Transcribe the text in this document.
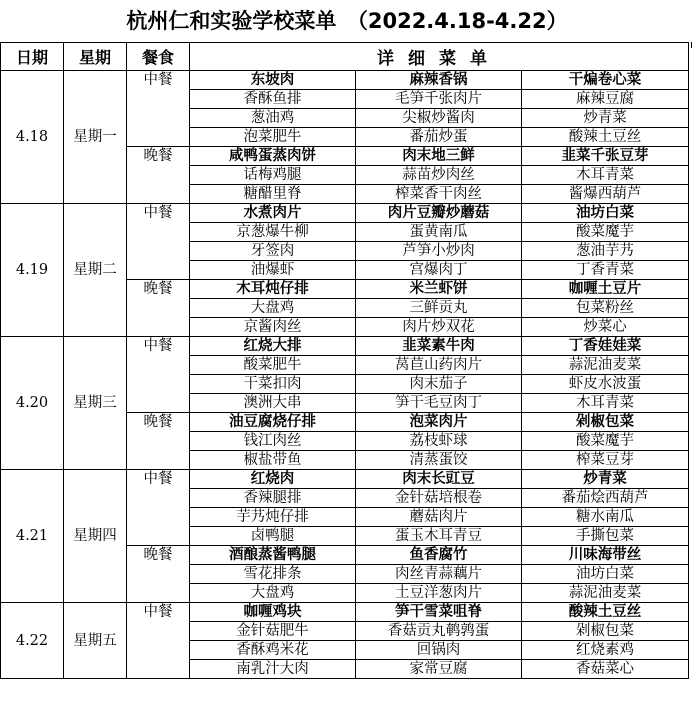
杭州仁和实验学校菜单　（2022.4.18-4.22）
日期	星期	餐食	详细菜单		
4.18	星期一	中餐	东坡肉	麻辣香锅	干煸卷心菜
			香酥鱼排	毛笋千张肉片	麻辣豆腐
			葱油鸡	尖椒炒酱肉	炒青菜
			泡菜肥牛	番茄炒蛋	酸辣土豆丝
		晚餐	咸鸭蛋蒸肉饼	肉末地三鲜	韭菜千张豆芽
			话梅鸡腿	蒜苗炒肉丝	木耳青菜
			糖醋里脊	榨菜香干肉丝	酱爆西葫芦
4.19	星期二	中餐	水煮肉片	肉片豆瓣炒蘑菇	油坊白菜
			京葱爆牛柳	蛋黄南瓜	酸菜魔芋
			牙签肉	芦笋小炒肉	葱油芋艿
			油爆虾	宫爆肉丁	丁香青菜
		晚餐	木耳炖仔排	米兰虾饼	咖喱土豆片
			大盘鸡	三鲜贡丸	包菜粉丝
			京酱肉丝	肉片炒双花	炒菜心
4.20	星期三	中餐	红烧大排	韭菜素牛肉	丁香娃娃菜
			酸菜肥牛	莴苣山药肉片	蒜泥油麦菜
			干菜扣肉	肉末茄子	虾皮水波蛋
			澳洲大串	笋干毛豆肉丁	木耳青菜
		晚餐	油豆腐烧仔排	泡菜肉片	剁椒包菜
			钱江肉丝	荔枝虾球	酸菜魔芋
			椒盐带鱼	清蒸蛋饺	榨菜豆芽
4.21	星期四	中餐	红烧肉	肉末长豇豆	炒青菜
			香辣腿排	金针菇培根卷	番茄烩西葫芦
			芋艿炖仔排	蘑菇肉片	糖水南瓜
			卤鸭腿	蛋玉木耳青豆	手撕包菜
		晚餐	酒酿蒸酱鸭腿	鱼香腐竹	川味海带丝
			雪花排条	肉丝青蒜藕片	油坊白菜
			大盘鸡	土豆洋葱肉片	蒜泥油麦菜
4.22	星期五	中餐	咖喱鸡块	笋干雪菜咀脊	酸辣土豆丝
			金针菇肥牛	香菇贡丸鹌鹑蛋	剁椒包菜
			香酥鸡米花	回锅肉	红烧素鸡
			南乳汁大肉	家常豆腐	香菇菜心
